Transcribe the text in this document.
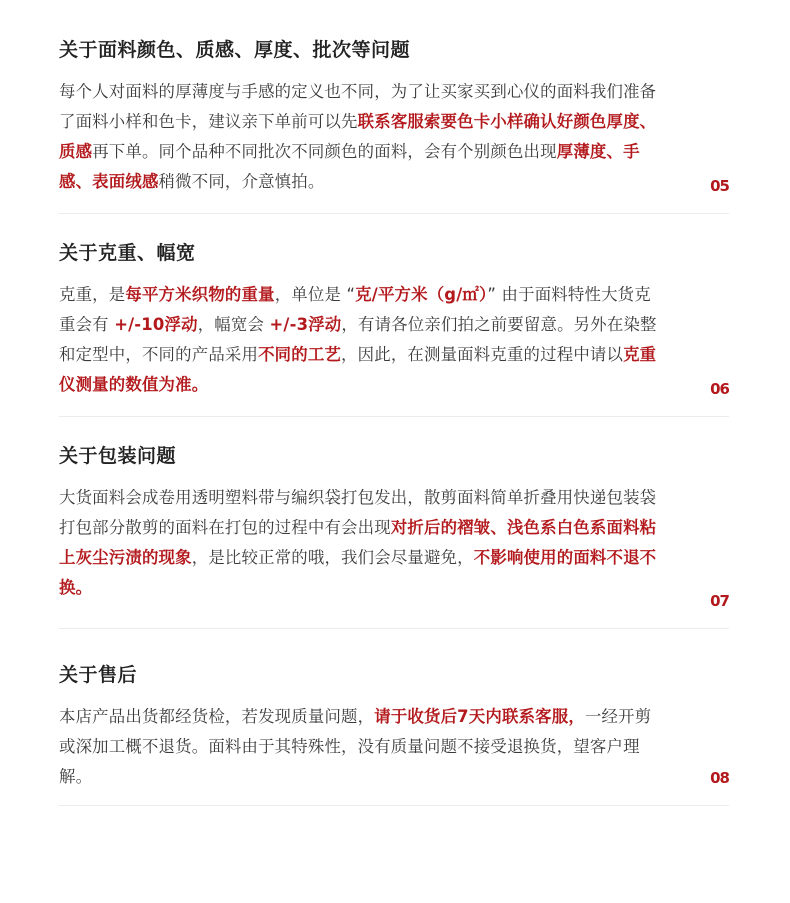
关于面料颜色、质感、厚度、批次等问题

每个人对面料的厚薄度与手感的定义也不同，为了让买家买到心仪的面料我们准备了面料小样和色卡，建议亲下单前可以先联系客服索要色卡小样确认好颜色厚度、质感再下单。同个品种不同批次不同颜色的面料，会有个别颜色出现厚薄度、手感、表面绒感稍微不同，介意慎拍。	05
关于克重、幅宽

克重，是每平方米织物的重量，单位是 “克/平方米（g/㎡）” 由于面料特性大货克重会有 +/-10浮动，幅宽会 +/-3浮动，有请各位亲们拍之前要留意。另外在染整和定型中，不同的产品采用不同的工艺，因此，在测量面料克重的过程中请以克重仪测量的数值为准。	06
关于包装问题

大货面料会成卷用透明塑料带与编织袋打包发出，散剪面料简单折叠用快递包装袋打包部分散剪的面料在打包的过程中有会出现对折后的褶皱、浅色系白色系面料粘上灰尘污渍的现象，是比较正常的哦，我们会尽量避免，不影响使用的面料不退不换。

07
关于售后

本店产品出货都经货检，若发现质量问题，请于收货后7天内联系客服，一经开剪或深加工概不退货。面料由于其特殊性，没有质量问题不接受退换货，望客户理解。	08
